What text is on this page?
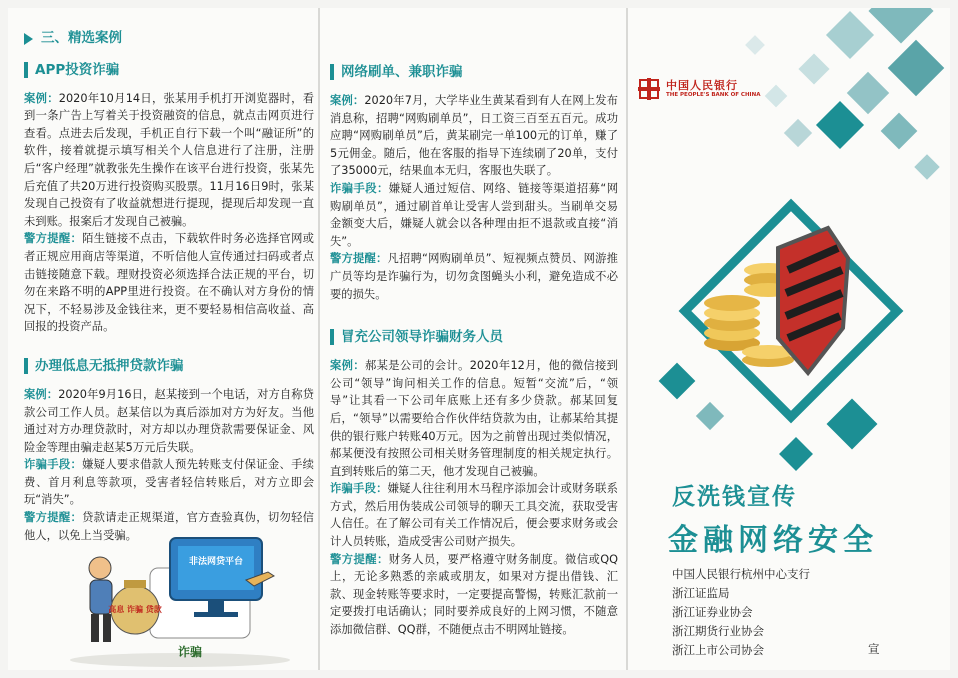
三、精选案例
APP投资诈骗

案例：2020年10月14日，张某用手机打开浏览器时，看到一条广告上写着关于投资融资的信息，就点击网页进行查看。点进去后发现，手机正自行下载一个叫“融证所”的软件，接着就提示填写相关个人信息进行了注册，注册后“客户经理”就教张先生操作在该平台进行投资，张某先后充值了共20万进行投资购买股票。11月16日9时，张某发现自己投资有了收益就想进行提现，提现后却发现一直未到账。报案后才发现自己被骗。

警方提醒：陌生链接不点击，下载软件时务必选择官网或者正规应用商店等渠道，不听信他人宣传通过扫码或者点击链接随意下载。理财投资必须选择合法正规的平台，切勿在来路不明的APP里进行投资。在不确认对方身份的情况下，不轻易涉及金钱往来，更不要轻易相信高收益、高回报的投资产品。

办理低息无抵押贷款诈骗

案例：2020年9月16日，赵某接到一个电话，对方自称贷款公司工作人员。赵某信以为真后添加对方为好友。当他通过对方办理贷款时，对方却以办理贷款需要保证金、风险金等理由骗走赵某5万元后失联。

诈骗手段：嫌疑人要求借款人预先转账支付保证金、手续费、首月利息等款项，受害者轻信转账后，对方立即会玩“消失”。

警方提醒：贷款请走正规渠道，官方查验真伪，切勿轻信他人，以免上当受骗。

非法网贷平台
高息 诈骗 贷款
诈骗
网络刷单、兼职诈骗

案例：2020年7月，大学毕业生黄某看到有人在网上发布消息称，招聘“网购刷单员”，日工资三百至五百元。成功应聘“网购刷单员”后，黄某刷完一单100元的订单，赚了5元佣金。随后，他在客服的指导下连续刷了20单，支付了35000元，结果血本无归，客服也失联了。

诈骗手段：嫌疑人通过短信、网络、链接等渠道招募“网购刷单员”，通过刷首单让受害人尝到甜头。当刷单交易金额变大后，嫌疑人就会以各种理由拒不退款或直接“消失”。

警方提醒：凡招聘“网购刷单员”、短视频点赞员、网游推广员等均是诈骗行为，切勿贪图蝇头小利，避免造成不必要的损失。

冒充公司领导诈骗财务人员

案例：郝某是公司的会计。2020年12月，他的微信接到公司“领导”询问相关工作的信息。短暂“交流”后，“领导”让其看一下公司年底账上还有多少贷款。郝某回复后，“领导”以需要给合作伙伴结贷款为由，让郝某给其提供的银行账户转账40万元。因为之前曾出现过类似情况，郝某便没有按照公司相关财务管理制度的相关规定执行。直到转账后的第二天，他才发现自己被骗。

诈骗手段：嫌疑人往往利用木马程序添加会计或财务联系方式，然后用伪装成公司领导的聊天工具交流，获取受害人信任。在了解公司有关工作情况后，便会要求财务或会计人员转账，造成受害公司财产损失。

警方提醒：财务人员，要严格遵守财务制度。微信或QQ上，无论多熟悉的亲戚或朋友，如果对方提出借钱、汇款、现金转账等要求时，一定要提高警惕，转账汇款前一定要拨打电话确认；同时要养成良好的上网习惯，不随意添加微信群、QQ群，不随便点击不明网址链接。

中国人民银行
THE PEOPLE'S BANK OF CHINA
反洗钱宣传
金融网络安全
中国人民银行杭州中心支行
浙江证监局
浙江证券业协会
浙江期货行业协会
浙江上市公司协会	宣
